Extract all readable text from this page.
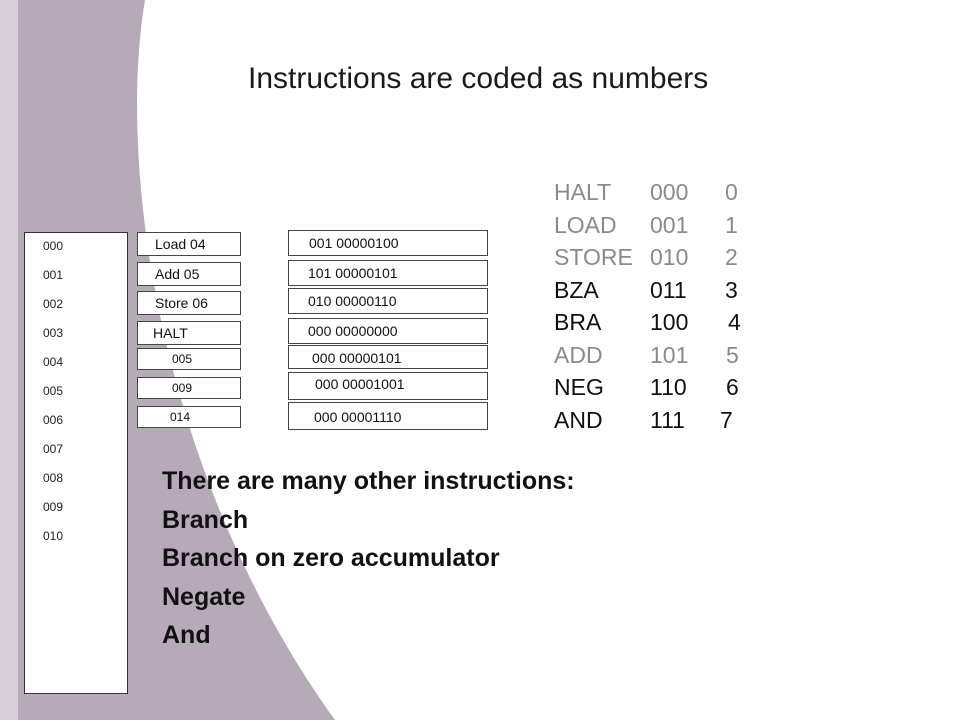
Instructions are coded as numbers
000
001
002
003
004
005
006
007
008
009
010
Load 04
Add 05
Store 06
HALT
005
009
014
001 00000100
101 00000101
010 00000110
000 00000000
000 00000101
000 00001001
000 00001110
HALT 000 0
LOAD 001 1
STORE 010 2
BZA 011 3
BRA 100 4
ADD 101 5
NEG 110 6
AND 111 7
There are many other instructions:
Branch
Branch on zero accumulator
Negate
And	http://
